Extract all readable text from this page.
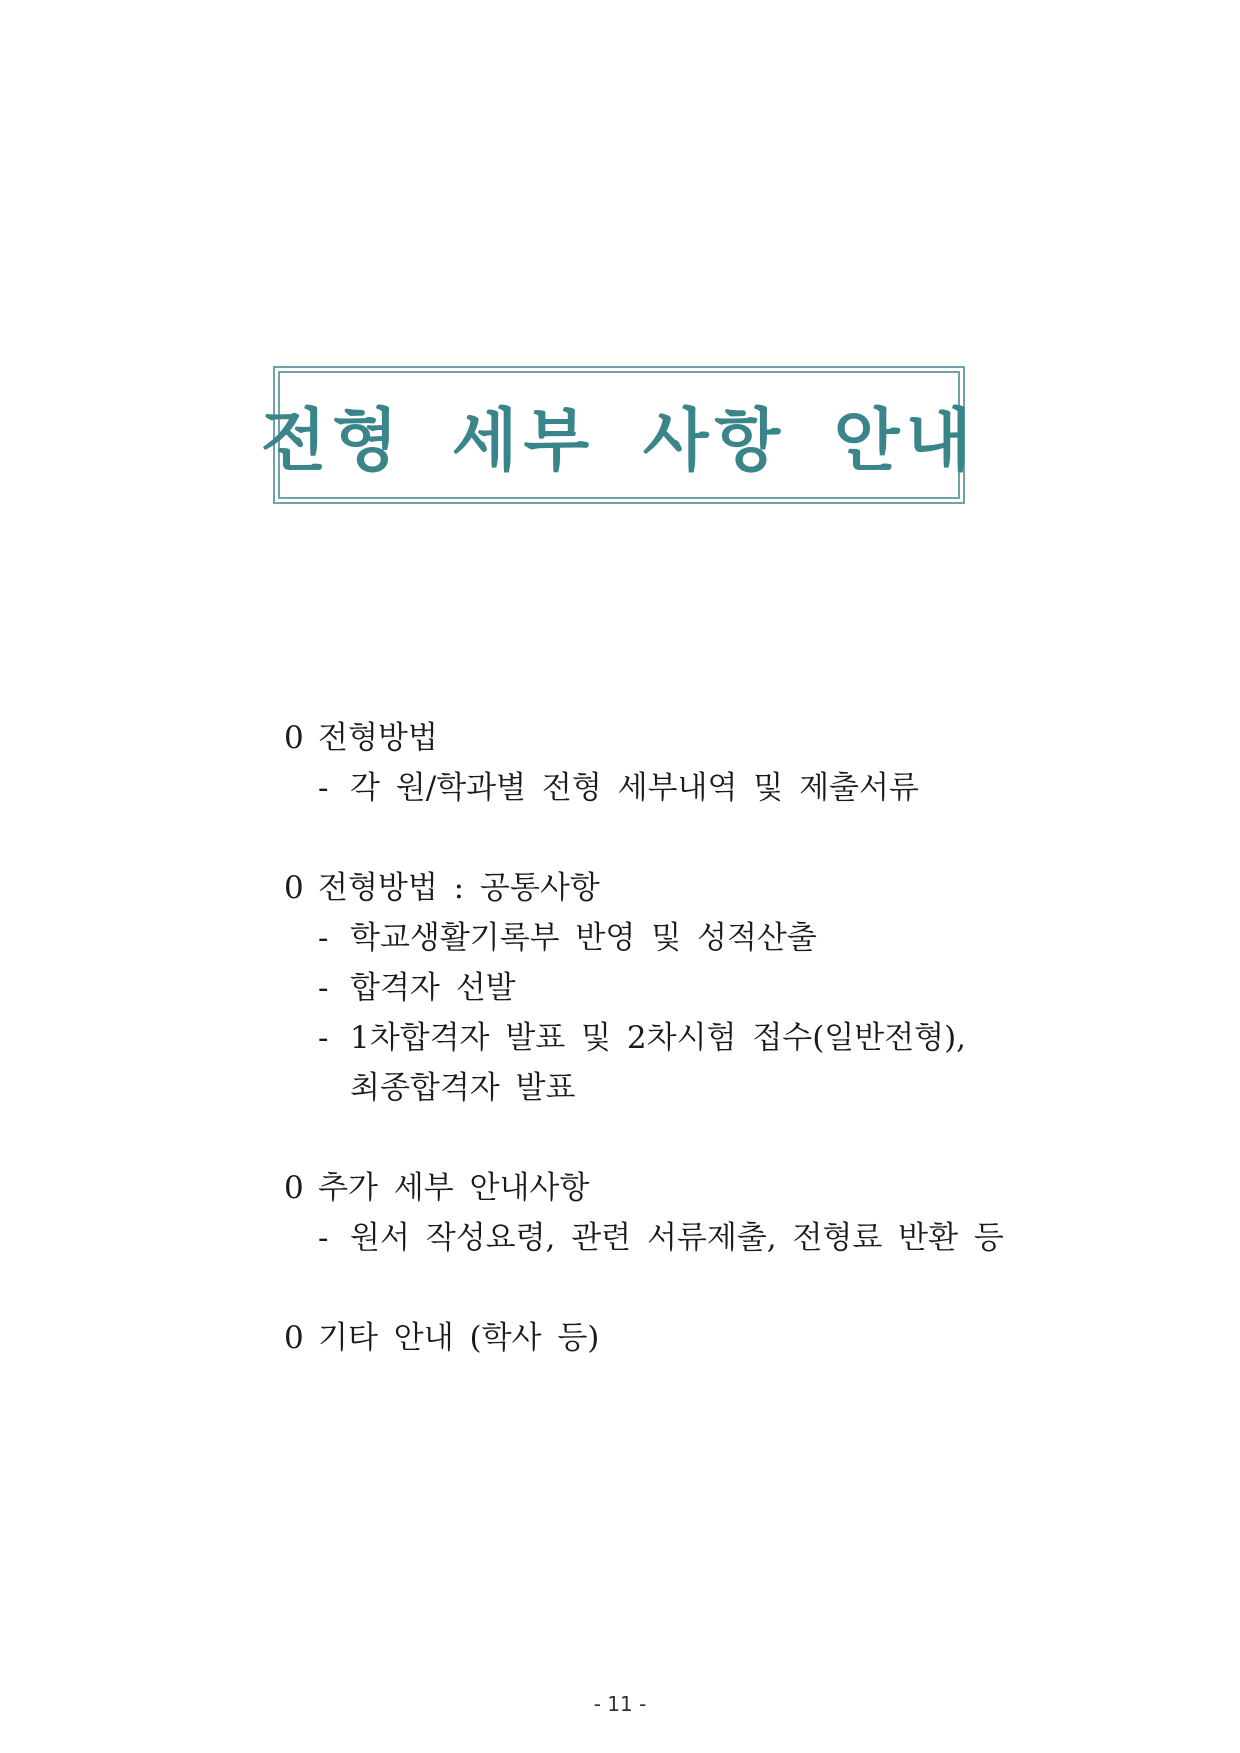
전형 세부 사항 안내
0 전형방법
- 각 원/학과별 전형 세부내역 및 제출서류
0 전형방법 : 공통사항
- 학교생활기록부 반영 및 성적산출
- 합격자 선발
- 1차합격자 발표 및 2차시험 접수(일반전형),
최종합격자 발표
0 추가 세부 안내사항
- 원서 작성요령, 관련 서류제출, 전형료 반환 등
0 기타 안내 (학사 등)
- 11 -
